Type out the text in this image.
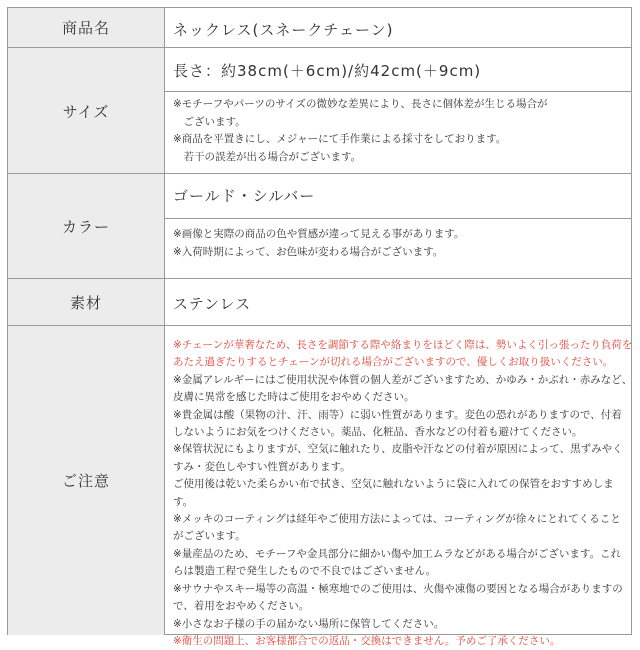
商品名	ネックレス(スネークチェーン)
サイズ
長さ：約38cm(＋6cm)/約42cm(＋9cm)

※モチーフやパーツのサイズの微妙な差異により、長さに個体差が生じる場合が

　ございます。

※商品を平置きにし、メジャーにて手作業による採寸をしております。

　若干の誤差が出る場合がございます。

カラー
ゴールド・シルバー

※画像と実際の商品の色や質感が違って見える事があります。

※入荷時期によって、お色味が変わる場合がございます。

素材	ステンレス
ご注意

※チェーンが華奢なため、長さを調節する際や絡まりをほどく際は、勢いよく引っ張ったり負荷を

あたえ過ぎたりするとチェーンが切れる場合がございますので、優しくお取り扱いください。

※金属アレルギーにはご使用状況や体質の個人差がございますため、かゆみ・かぶれ・赤みなど、

皮膚に異常を感じた時はご使用をおやめください。

※貴金属は酸（果物の汁、汗、雨等）に弱い性質があります。変色の恐れがありますので、付着

しないようにお気をつけください。薬品、化粧品、香水などの付着も避けてください。

※保管状況にもよりますが、空気に触れたり、皮脂や汗などの付着が原因によって、黒ずみやくすみ・変色しやすい性質があります。

ご使用後は乾いた柔らかい布で拭き、空気に触れないように袋に入れての保管をおすすめします。

※メッキのコーティングは経年やご使用方法によっては、コーティングが徐々にとれてくることがございます。

※量産品のため、モチーフや金具部分に細かい傷や加工ムラなどがある場合がございます。これらは製造工程で発生したもので不良ではございません。

※サウナやスキー場等の高温・極寒地でのご使用は、火傷や凍傷の要因となる場合がありますので、着用をおやめください。

※小さなお子様の手の届かない場所に保管してください。

※衛生の問題上、お客様都合での返品・交換はできません。予めご了承ください。
